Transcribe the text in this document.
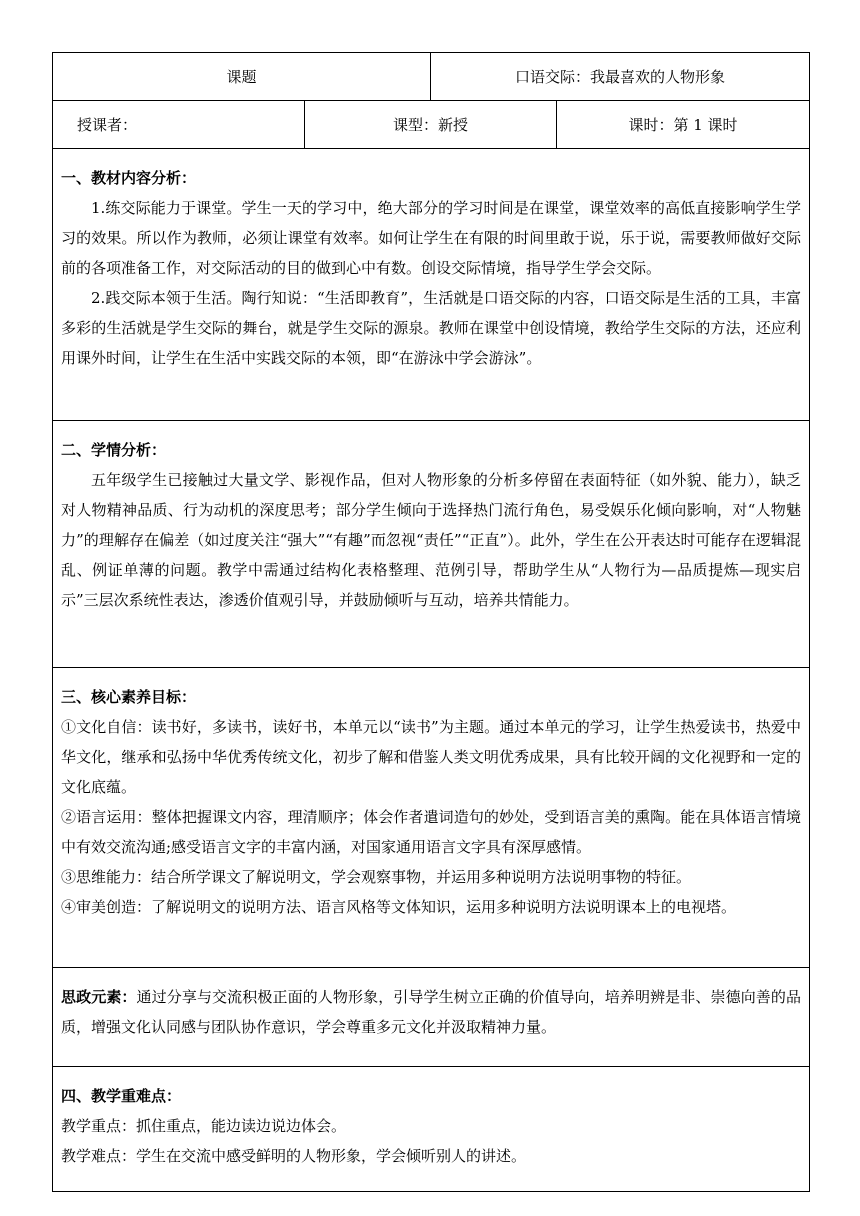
课题		口语交际：我最喜欢的人物形象	
授课者：	课型：新授		课时：第 1 课时

一、教材内容分析：

1.练交际能力于课堂。学生一天的学习中，绝大部分的学习时间是在课堂，课堂效率的高低直接影响学生学习的效果。所以作为教师，必须让课堂有效率。如何让学生在有限的时间里敢于说，乐于说，需要教师做好交际前的各项准备工作，对交际活动的目的做到心中有数。创设交际情境，指导学生学会交际。

2.践交际本领于生活。陶行知说：“生活即教育”，生活就是口语交际的内容，口语交际是生活的工具，丰富多彩的生活就是学生交际的舞台，就是学生交际的源泉。教师在课堂中创设情境，教给学生交际的方法，还应利用课外时间，让学生在生活中实践交际的本领，即“在游泳中学会游泳”。			

二、学情分析：

五年级学生已接触过大量文学、影视作品，但对人物形象的分析多停留在表面特征（如外貌、能力），缺乏对人物精神品质、行为动机的深度思考；部分学生倾向于选择热门流行角色，易受娱乐化倾向影响，对“人物魅力”的理解存在偏差（如过度关注“强大”“有趣”而忽视“责任”“正直”）。此外，学生在公开表达时可能存在逻辑混乱、例证单薄的问题。教学中需通过结构化表格整理、范例引导，帮助学生从“人物行为—品质提炼—现实启示”三层次系统性表达，渗透价值观引导，并鼓励倾听与互动，培养共情能力。			

三、核心素养目标：

①文化自信：读书好，多读书，读好书，本单元以“读书”为主题。通过本单元的学习，让学生热爱读书，热爱中华文化，继承和弘扬中华优秀传统文化，初步了解和借鉴人类文明优秀成果，具有比较开阔的文化视野和一定的文化底蕴。

②语言运用：整体把握课文内容，理清顺序；体会作者遣词造句的妙处，受到语言美的熏陶。能在具体语言情境中有效交流沟通;感受语言文字的丰富内涵，对国家通用语言文字具有深厚感情。

③思维能力：结合所学课文了解说明文，学会观察事物，并运用多种说明方法说明事物的特征。

④审美创造：了解说明文的说明方法、语言风格等文体知识，运用多种说明方法说明课本上的电视塔。			

思政元素：通过分享与交流积极正面的人物形象，引导学生树立正确的价值导向，培养明辨是非、崇德向善的品质，增强文化认同感与团队协作意识，学会尊重多元文化并汲取精神力量。			

四、教学重难点：

教学重点：抓住重点，能边读边说边体会。

教学难点：学生在交流中感受鲜明的人物形象，学会倾听别人的讲述。			
